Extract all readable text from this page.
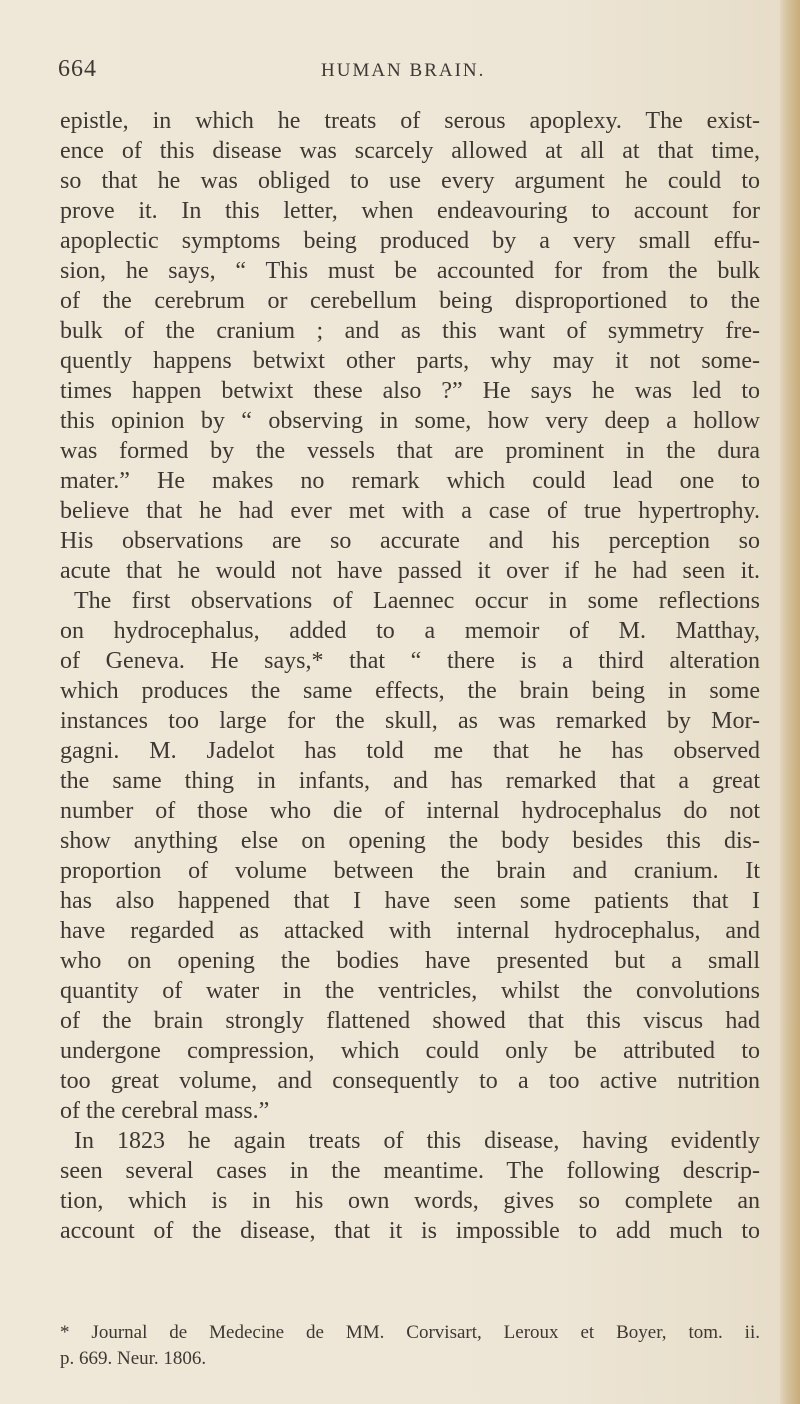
664	HUMAN BRAIN.
epistle, in which he treats of serous apoplexy. The exist-
ence of this disease was scarcely allowed at all at that time,
so that he was obliged to use every argument he could to
prove it. In this letter, when endeavouring to account for
apoplectic symptoms being produced by a very small effu-
sion, he says, “ This must be accounted for from the bulk
of the cerebrum or cerebellum being disproportioned to the
bulk of the cranium ; and as this want of symmetry fre-
quently happens betwixt other parts, why may it not some-
times happen betwixt these also ?” He says he was led to
this opinion by “ observing in some, how very deep a hollow
was formed by the vessels that are prominent in the dura
mater.” He makes no remark which could lead one to
believe that he had ever met with a case of true hypertrophy.
His observations are so accurate and his perception so
acute that he would not have passed it over if he had seen it.
The first observations of Laennec occur in some reflections
on hydrocephalus, added to a memoir of M. Matthay,
of Geneva. He says,* that “ there is a third alteration
which produces the same effects, the brain being in some
instances too large for the skull, as was remarked by Mor-
gagni. M. Jadelot has told me that he has observed
the same thing in infants, and has remarked that a great
number of those who die of internal hydrocephalus do not
show anything else on opening the body besides this dis-
proportion of volume between the brain and cranium. It
has also happened that I have seen some patients that I
have regarded as attacked with internal hydrocephalus, and
who on opening the bodies have presented but a small
quantity of water in the ventricles, whilst the convolutions
of the brain strongly flattened showed that this viscus had
undergone compression, which could only be attributed to
too great volume, and consequently to a too active nutrition
of the cerebral mass.”
In 1823 he again treats of this disease, having evidently
seen several cases in the meantime. The following descrip-
tion, which is in his own words, gives so complete an
account of the disease, that it is impossible to add much to
* Journal de Medecine de MM. Corvisart, Leroux et Boyer, tom. ii.
p. 669. Neur. 1806.
